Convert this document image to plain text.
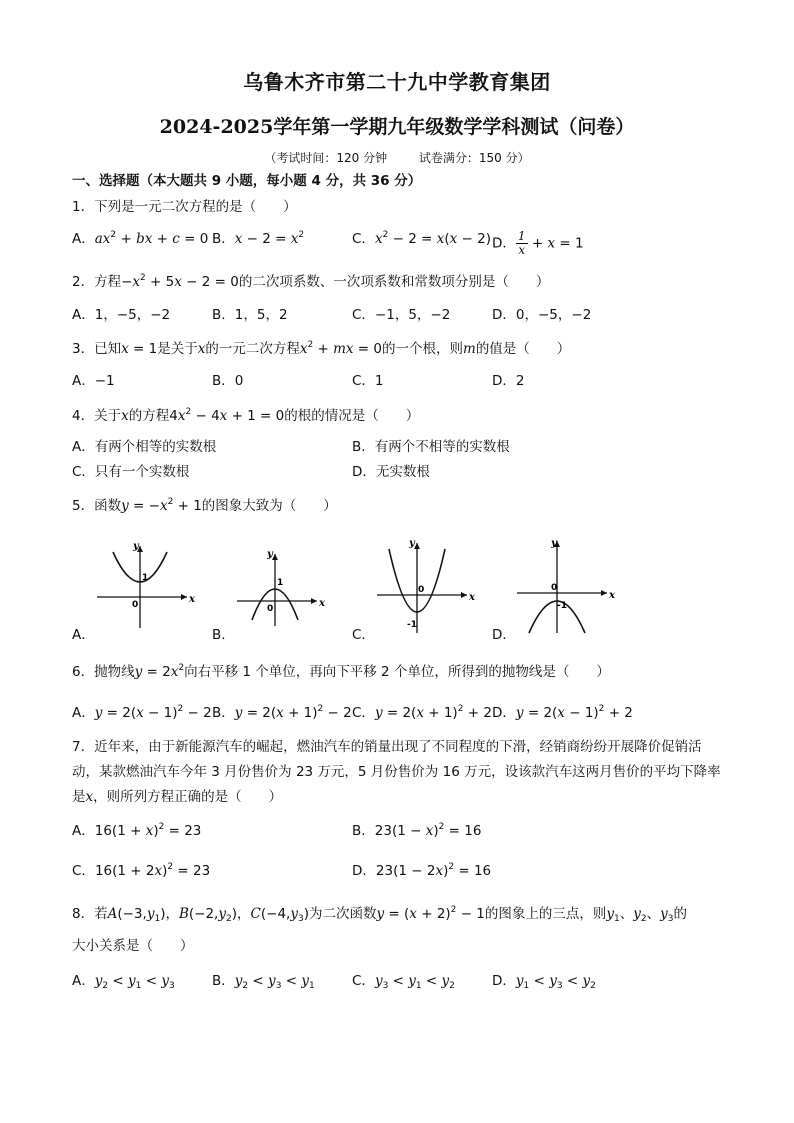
乌鲁木齐市第二十九中学教育集团
2024-2025学年第一学期九年级数学学科测试（问卷）
（考试时间：120 分钟	试卷满分：150 分）
一、选择题（本大题共 9 小题，每小题 4 分，共 36 分）
1．下列是一元二次方程的是（　　）
A．$ax^2$ + bx + c = 0 B．$x - 2 = x^2$	C．$x^2 - 2 = x(x - 2)$ D． $\frac{1}{x} + x = 1$
2．方程$-x^2 + 5x - 2 = 0$的二次项系数、一次项系数和常数项分别是（　　）
A．1，−5，−2	B．1，5，2	C．−1，5，−2	D．0，−5，−2
3．已知x = 1是关于x的一元二次方程$x^2$ + mx = 0的一个根，则m的值是（　　）
A．−1	B．0	C．1	D．2
4．关于x的方程$4x^2 - 4x + 1 = 0$的根的情况是（　　）
A．有两个相等的实数根	B．有两个不相等的实数根
C．只有一个实数根	D．无实数根
5．函数$y = -x^2 + 1$的图象大致为（　　）
y
x
1
0
y
x
1
0
y
x
0
-1
y
x
0
-1
A．	B．	C．	D．
6．抛物线$y = 2x^2$向右平移 1 个单位，再向下平移 2 个单位，所得到的抛物线是（　　）
A．$y = 2(x - 1)^2 - 2$ B．$y = 2(x + 1)^2 - 2$ C．$y = 2(x + 1)^2 + 2$ D．$y = 2(x - 1)^2 + 2$
7．近年来，由于新能源汽车的崛起，燃油汽车的销量出现了不同程度的下滑，经销商纷纷开展降价促销活
动，某款燃油汽车今年 3 月份售价为 23 万元，5 月份售价为 16 万元，设该款汽车这两月售价的平均下降率
是x，则所列方程正确的是（　　）
A．$16(1 + x)^2 = 23$	B．$23(1 - x)^2 = 16$
C．$16(1 + 2x)^2 = 23$	D．$23(1 - 2x)^2 = 16$
8．若$A(-3,y_1)$，$B(-2,y_2)$，$C(-4,y_3)$为二次函数$y = (x + 2)^2 - 1$的图象上的三点，则$y_1$、$y_2$、$y_3$的
大小关系是（　　）
A．$y_2 < y_1 < y_3$	B．$y_2 < y_3 < y_1$	C．$y_3 < y_1 < y_2$	D．$y_1 < y_3 < y_2$
